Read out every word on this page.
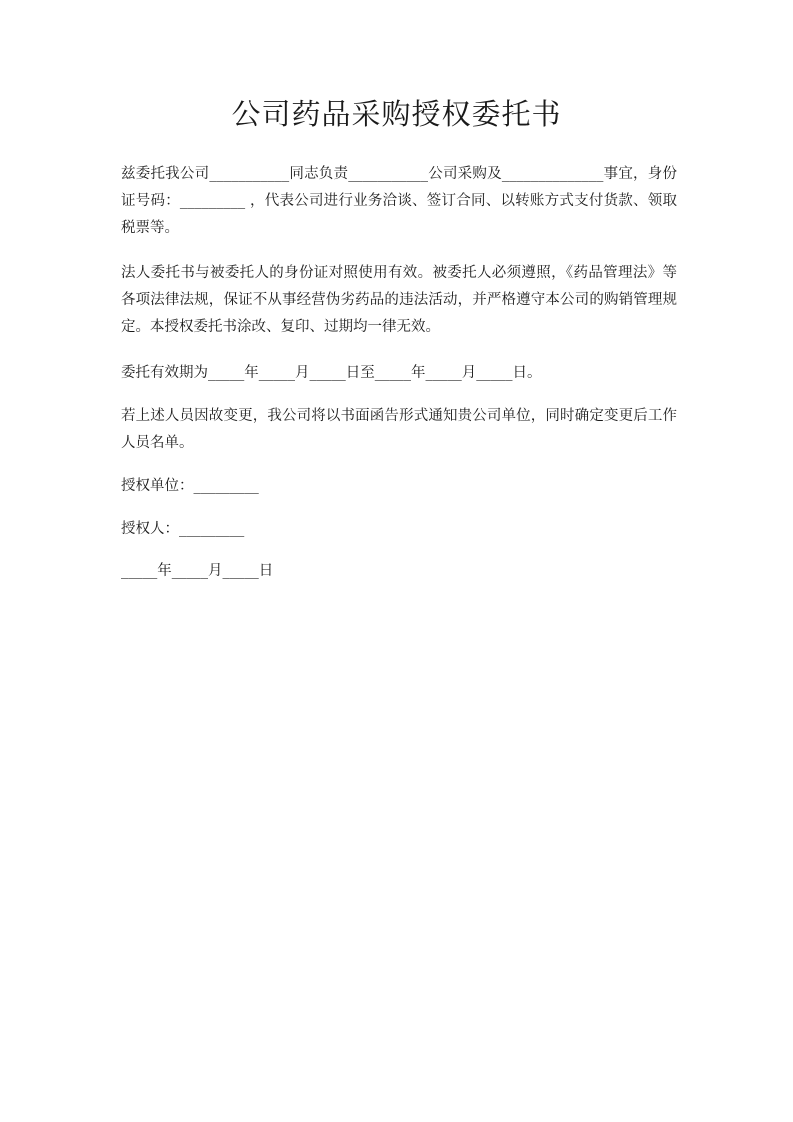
公司药品采购授权委托书

兹委托我公司___________同志负责___________公司采购及______________事宜，身份证号码：_________ ，代表公司进行业务洽谈、签订合同、以转账方式支付货款、领取税票等。

法人委托书与被委托人的身份证对照使用有效。被委托人必须遵照，《药品管理法》等各项法律法规，保证不从事经营伪劣药品的违法活动，并严格遵守本公司的购销管理规定。本授权委托书涂改、复印、过期均一律无效。

委托有效期为_____年_____月_____日至_____年_____月_____日。

若上述人员因故变更，我公司将以书面函告形式通知贵公司单位，同时确定变更后工作人员名单。

授权单位：_________

授权人：_________

_____年_____月_____日
